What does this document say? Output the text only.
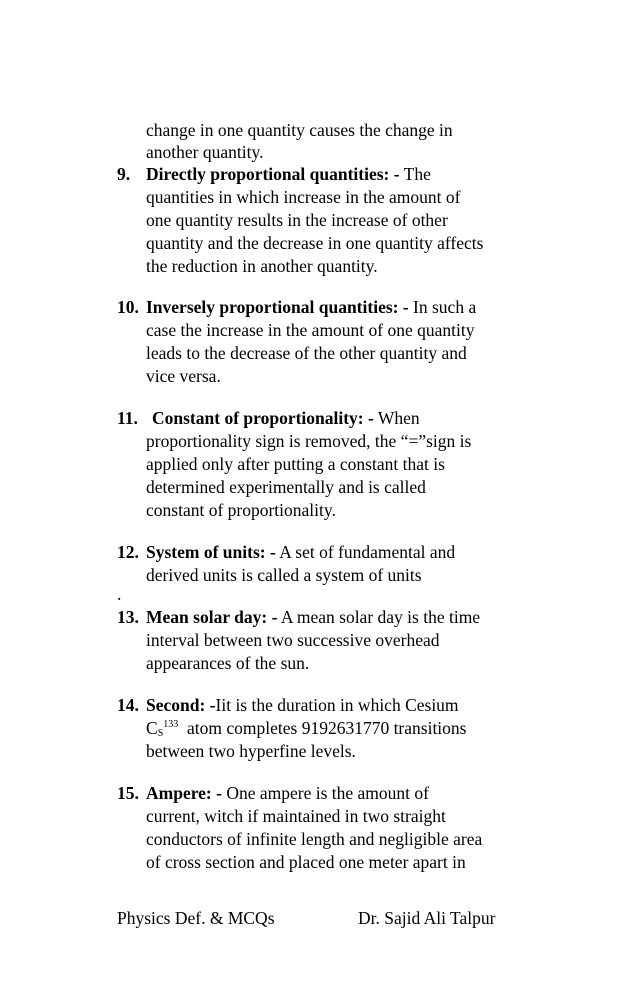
change in one quantity causes the change in
another quantity.
9. Directly proportional quantities: - The
quantities in which increase in the amount of
one quantity results in the increase of other
quantity and the decrease in one quantity affects
the reduction in another quantity.
10. Inversely proportional quantities: - In such a
case the increase in the amount of one quantity
leads to the decrease of the other quantity and
vice versa.
11. Constant of proportionality: - When
proportionality sign is removed, the “=”sign is
applied only after putting a constant that is
determined experimentally and is called
constant of proportionality.
12. System of units: - A set of fundamental and
derived units is called a system of units
.
13. Mean solar day: - A mean solar day is the time
interval between two successive overhead
appearances of the sun.
14. Second: -Iit is the duration in which Cesium
$C_S^{133}$  atom completes 9192631770 transitions
between two hyperfine levels.
15. Ampere: - One ampere is the amount of
current, witch if maintained in two straight
conductors of infinite length and negligible area
of cross section and placed one meter apart in
Physics Def. & MCQs	Dr. Sajid Ali Talpur
